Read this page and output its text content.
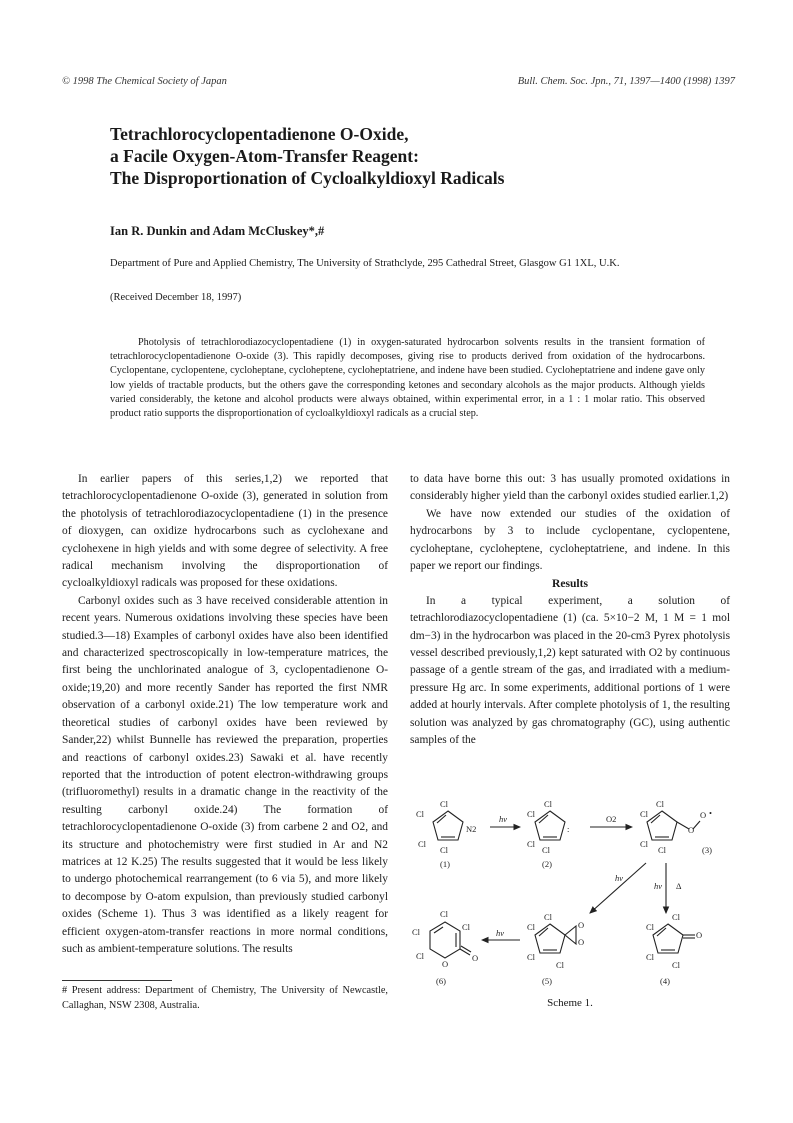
© 1998 The Chemical Society of Japan	Bull. Chem. Soc. Jpn., 71, 1397—1400 (1998) 1397

Tetrachlorocyclopentadienone O-Oxide,

a Facile Oxygen-Atom-Transfer Reagent:

The Disproportionation of Cycloalkyldioxyl Radicals

Ian R. Dunkin and Adam McCluskey*,#
Department of Pure and Applied Chemistry, The University of Strathclyde, 295 Cathedral Street, Glasgow G1 1XL, U.K.
(Received December 18, 1997)

Photolysis of tetrachlorodiazocyclopentadiene (1) in oxygen-saturated hydrocarbon solvents results in the transient formation of tetrachlorocyclopentadienone O-oxide (3). This rapidly decomposes, giving rise to products derived from oxidation of the hydrocarbons. Cyclopentane, cyclopentene, cycloheptane, cycloheptene, cycloheptatriene, and indene have been studied. Cycloheptatriene and indene gave only low yields of tractable products, but the others gave the corresponding ketones and secondary alcohols as the major products. Although yields varied considerably, the ketone and alcohol products were always obtained, within experimental error, in a 1 : 1 molar ratio. This observed product ratio supports the disproportionation of cycloalkyldioxyl radicals as a crucial step.

In earlier papers of this series,1,2) we reported that tetrachlorocyclopentadienone O-oxide (3), generated in solution from the photolysis of tetrachlorodiazocyclopentadiene (1) in the presence of dioxygen, can oxidize hydrocarbons such as cyclohexane and cyclohexene in high yields and with some degree of selectivity. A free radical mechanism involving the disproportionation of cycloalkyldioxyl radicals was proposed for these oxidations.

Carbonyl oxides such as 3 have received considerable attention in recent years. Numerous oxidations involving these species have been studied.3—18) Examples of carbonyl oxides have also been identified and characterized spectroscopically in low-temperature matrices, the first being the unchlorinated analogue of 3, cyclopentadienone O-oxide;19,20) and more recently Sander has reported the first NMR observation of a carbonyl oxide.21) The low temperature work and theoretical studies of carbonyl oxides have been reviewed by Sander,22) whilst Bunnelle has reviewed the preparation, properties and reactions of carbonyl oxides.23) Sawaki et al. have recently reported that the introduction of potent electron-withdrawing groups (trifluoromethyl) results in a dramatic change in the reactivity of the resulting carbonyl oxide.24) The formation of tetrachlorocyclopentadienone O-oxide (3) from carbene 2 and O2, and its structure and photochemistry were first studied in Ar and N2 matrices at 12 K.25) The results suggested that it would be less likely to undergo photochemical rearrangement (to 6 via 5), and more likely to decompose by O-atom expulsion, than previously studied carbonyl oxides (Scheme 1). Thus 3 was identified as a likely reagent for efficient oxygen-atom-transfer reactions in more normal conditions, such as ambient-temperature solutions. The results

to data have borne this out: 3 has usually promoted oxidations in considerably higher yield than the carbonyl oxides studied earlier.1,2)

We have now extended our studies of the oxidation of hydrocarbons by 3 to include cyclopentane, cyclopentene, cycloheptane, cycloheptene, cycloheptatriene, and indene. In this paper we report our findings.

Results

In a typical experiment, a solution of tetrachlorodiazocyclopentadiene (1) (ca. 5×10−2 M, 1 M = 1 mol dm−3) in the hydrocarbon was placed in the 20-cm3 Pyrex photolysis vessel described previously,1,2) kept saturated with O2 by continuous passage of a gentle stream of the gas, and irradiated with a medium-pressure Hg arc. In some experiments, additional portions of 1 were added at hourly intervals. After complete photolysis of 1, the resulting solution was analyzed by gas chromatography (GC), using authentic samples of the

Cl
Cl
Cl
Cl
N2
Cl
Cl
Cl
Cl
:
Cl
Cl
Cl
Cl
O
O •
Cl
Cl
Cl
Cl
O
O
Cl
Cl
Cl
Cl
O
Cl
Cl
Cl
Cl
O
O
hν	O2
hν
hν Δ
hν
(1)	(2)
(3)
(4)
(5)
(6)
Scheme 1.

# Present address: Department of Chemistry, The University of Newcastle, Callaghan, NSW 2308, Australia.
